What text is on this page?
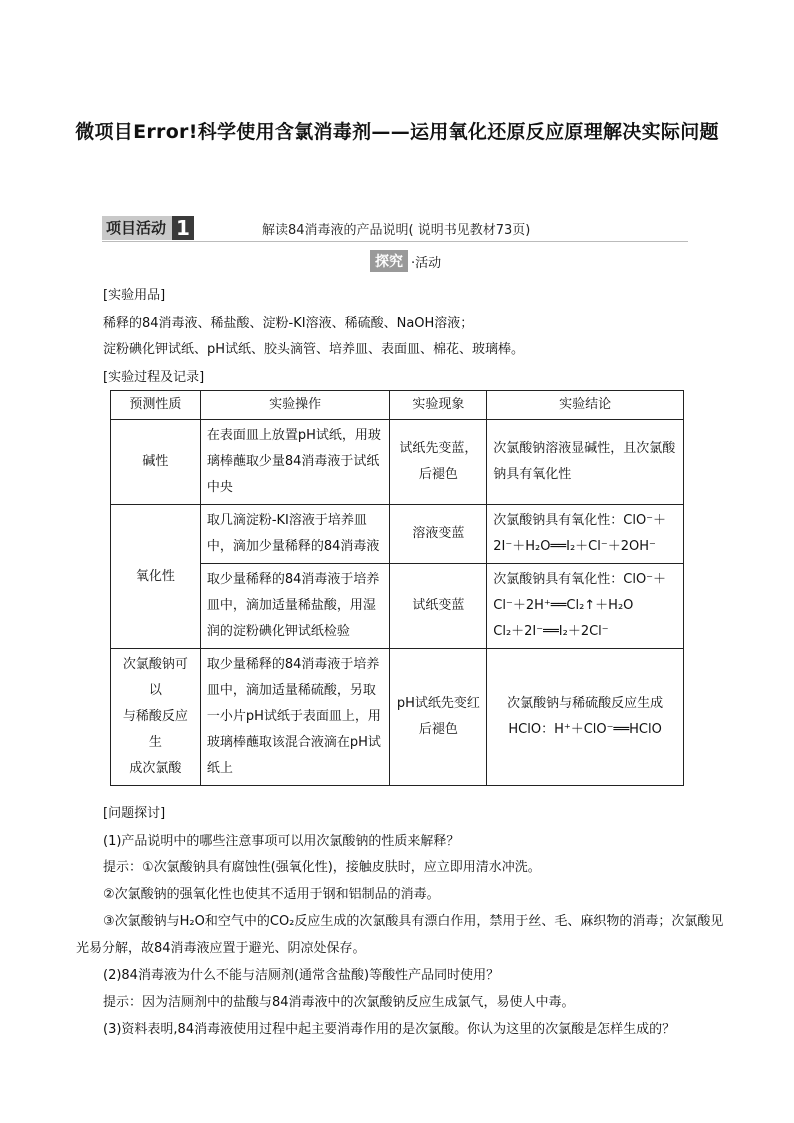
微项目Error!科学使用含氯消毒剂——运用氧化还原反应原理解决实际问题
项目活动 1	解读84消毒液的产品说明( 说明书见教材73页)
探究 ·活动
[实验用品]
稀释的84消毒液、稀盐酸、淀粉-KI溶液、稀硫酸、NaOH溶液；
淀粉碘化钾试纸、pH试纸、胶头滴管、培养皿、表面皿、棉花、玻璃棒。
[实验过程及记录]
预测性质	实验操作	实验现象	实验结论
碱性	在表面皿上放置pH试纸，用玻璃棒蘸取少量84消毒液于试纸中央	试纸先变蓝，后褪色	次氯酸钠溶液显碱性，且次氯酸钠具有氧化性
氧化性	取几滴淀粉-KI溶液于培养皿中，滴加少量稀释的84消毒液	溶液变蓝	次氯酸钠具有氧化性：ClO⁻＋2I⁻＋H₂O══I₂＋Cl⁻＋2OH⁻
	取少量稀释的84消毒液于培养皿中，滴加适量稀盐酸，用湿润的淀粉碘化钾试纸检验	试纸变蓝	次氯酸钠具有氧化性：ClO⁻＋Cl⁻＋2H⁺══Cl₂↑＋H₂O
Cl₂＋2I⁻══I₂＋2Cl⁻
次氯酸钠可以
与稀酸反应生
成次氯酸	取少量稀释的84消毒液于培养皿中，滴加适量稀硫酸，另取一小片pH试纸于表面皿上，用玻璃棒蘸取该混合液滴在pH试纸上	pH试纸先变红后褪色	次氯酸钠与稀硫酸反应生成HClO：H⁺＋ClO⁻══HClO
[问题探讨]
(1)产品说明中的哪些注意事项可以用次氯酸钠的性质来解释？
提示：①次氯酸钠具有腐蚀性(强氧化性)，接触皮肤时，应立即用清水冲洗。
②次氯酸钠的强氧化性也使其不适用于钢和铝制品的消毒。
③次氯酸钠与H₂O和空气中的CO₂反应生成的次氯酸具有漂白作用，禁用于丝、毛、麻织物的消毒；次氯酸见光易分解，故84消毒液应置于避光、阴凉处保存。
(2)84消毒液为什么不能与洁厕剂(通常含盐酸)等酸性产品同时使用？
提示：因为洁厕剂中的盐酸与84消毒液中的次氯酸钠反应生成氯气，易使人中毒。
(3)资料表明,84消毒液使用过程中起主要消毒作用的是次氯酸。你认为这里的次氯酸是怎样生成的？
